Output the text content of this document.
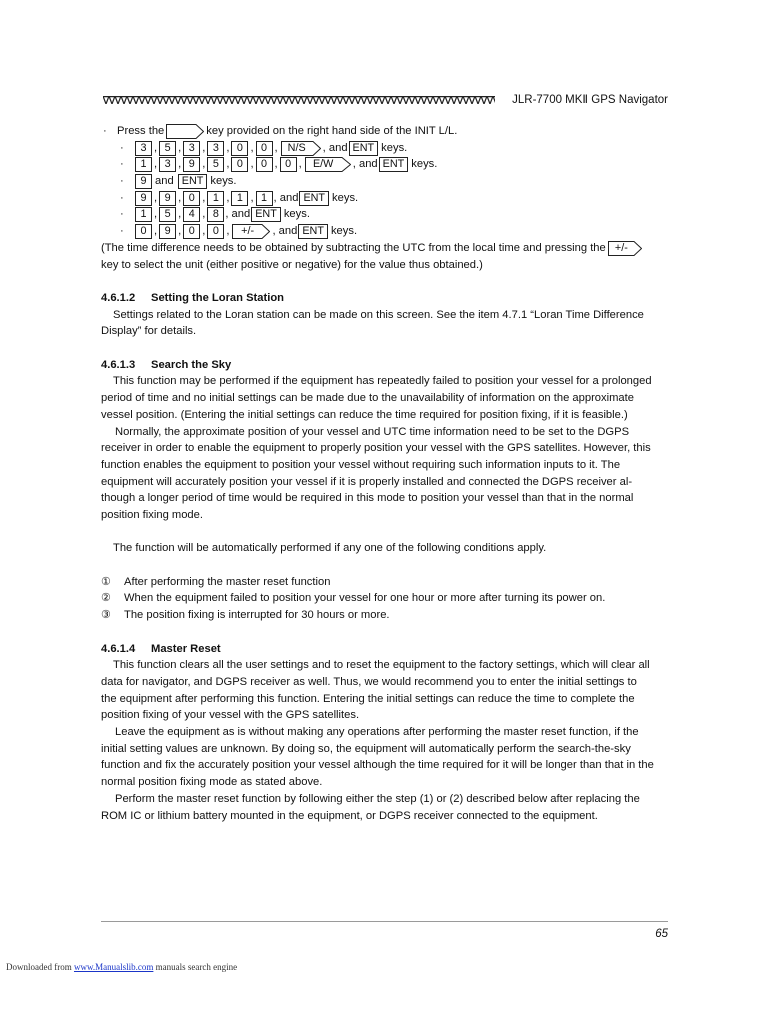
JLR-7700 MKⅡ GPS Navigator
· Press the	key provided on the right hand side of the INIT L/L.
·	3 , 5 , 3 , 3 , 0 , 0 , N/S	, and ENT keys.
·	1 , 3 , 9 , 5 , 0 , 0 , 0 ,	E/W	, and ENT keys.
·	9 and
ENT keys.
·	9 , 9 , 0 , 1 , 1 , 1 , and ENT keys.
·	1 , 5 , 4 , 8 , and ENT keys.
·	0 , 9 , 0 , 0 ,	+/-	, and ENT keys.
(The time difference needs to be obtained by subtracting the UTC from the local time and pressing the +/-

key to select the unit (either positive or negative) for the value thus obtained.)

4.6.1.2 Setting the Loran Station

Settings related to the Loran station can be made on this screen. See the item 4.7.1 “Loran Time Difference

Display” for details.

4.6.1.3 Search the Sky

This function may be performed if the equipment has repeatedly failed to position your vessel for a prolonged

period of time and no initial settings can be made due to the unavailability of information on the approximate

vessel position. (Entering the initial settings can reduce the time required for position fixing, if it is feasible.)

Normally, the approximate position of your vessel and UTC time information need to be set to the DGPS

receiver in order to enable the equipment to properly position your vessel with the GPS satellites. However, this

function enables the equipment to position your vessel without requiring such information inputs to it. The

equipment will accurately position your vessel if it is properly installed and connected the DGPS receiver al-

though a longer period of time would be required in this mode to position your vessel than that in the normal

position fixing mode.

The function will be automatically performed if any one of the following conditions apply.

①	After performing the master reset function
②	When the equipment failed to position your vessel for one hour or more after turning its power on.
③	The position fixing is interrupted for 30 hours or more.
4.6.1.4 Master Reset

This function clears all the user settings and to reset the equipment to the factory settings, which will clear all

data for navigator, and DGPS receiver as well. Thus, we would recommend you to enter the initial settings to

the equipment after performing this function. Entering the initial settings can reduce the time to complete the

position fixing of your vessel with the GPS satellites.

Leave the equipment as is without making any operations after performing the master reset function, if the

initial setting values are unknown. By doing so, the equipment will automatically perform the search-the-sky

function and fix the accurately position your vessel although the time required for it will be longer than that in the

normal position fixing mode as stated above.

Perform the master reset function by following either the step (1) or (2) described below after replacing the

ROM IC or lithium battery mounted in the equipment, or DGPS receiver connected to the equipment.

65
Downloaded from www.Manualslib.com manuals search engine
